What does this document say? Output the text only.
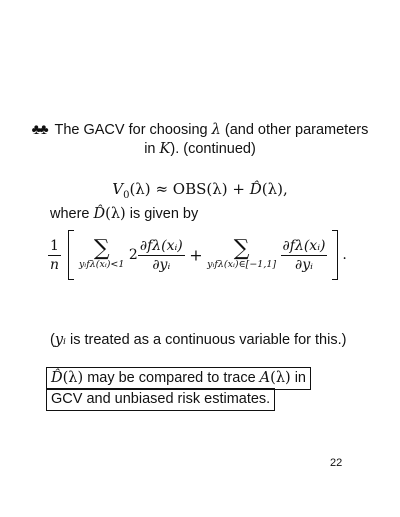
♣♣ The GACV for choosing λ (and other parameters
in K). (continued)
$V_0(\lambda) \approx OBS(\lambda)$ + D̂(λ),
where D̂(λ) is given by
$\frac{1}{n}$
	∑
yᵢfλ(xᵢ)<1
$2 \frac{\text{∂fλ(xᵢ)}}{\text{∂yᵢ}}$ +	∑
yᵢfλ(xᵢ)∈[−1,1]
$\frac{\text{∂fλ(xᵢ)}}{\text{∂yᵢ}}$ .
(yᵢ is treated as a continuous variable for this.)
D̂(λ) may be compared to trace A(λ) in
GCV and unbiased risk estimates.
22
